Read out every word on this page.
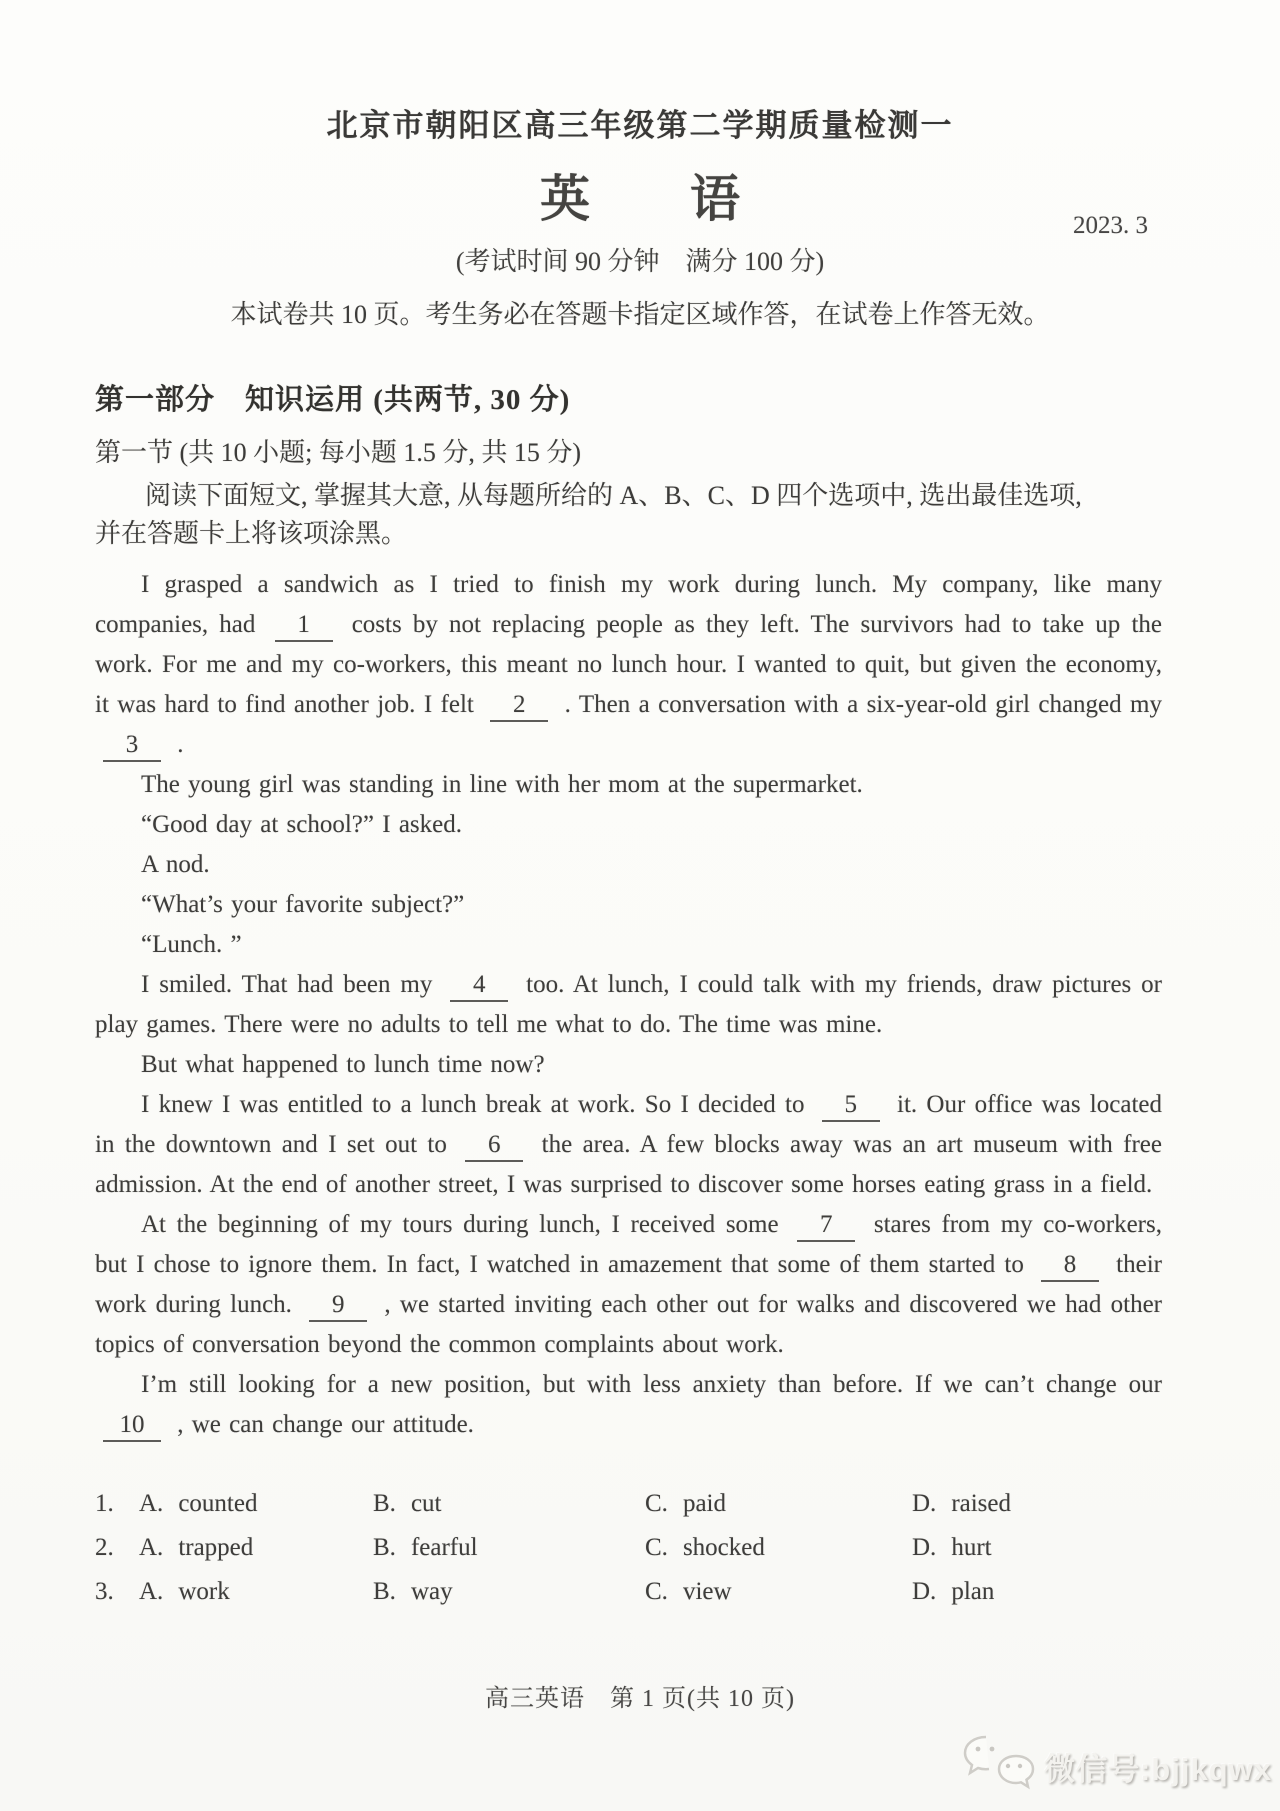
北京市朝阳区高三年级第二学期质量检测一
英　　语	2023. 3
(考试时间 90 分钟　满分 100 分)
本试卷共 10 页。考生务必在答题卡指定区域作答，在试卷上作答无效。
第一部分　知识运用 (共两节, 30 分)
第一节 (共 10 小题; 每小题 1.5 分, 共 15 分)

阅读下面短文, 掌握其大意, 从每题所给的 A、B、C、D 四个选项中, 选出最佳选项,

并在答题卡上将该项涂黑。

I grasped a sandwich as I tried to finish my work during lunch. My company, like many companies, had 1 costs by not replacing people as they left. The survivors had to take up the work. For me and my co-workers, this meant no lunch hour. I wanted to quit, but given the economy, it was hard to find another job. I felt 2 . Then a conversation with a six-year-old girl changed my 3 .

The young girl was standing in line with her mom at the supermarket.

“Good day at school?” I asked.

A nod.

“What’s your favorite subject?”

“Lunch. ”

I smiled. That had been my 4 too. At lunch, I could talk with my friends, draw pictures or play games. There were no adults to tell me what to do. The time was mine.

But what happened to lunch time now?

I knew I was entitled to a lunch break at work. So I decided to 5 it. Our office was located in the downtown and I set out to 6 the area. A few blocks away was an art museum with free admission. At the end of another street, I was surprised to discover some horses eating grass in a field.

At the beginning of my tours during lunch, I received some 7 stares from my co-workers, but I chose to ignore them. In fact, I watched in amazement that some of them started to 8 their work during lunch. 9 , we started inviting each other out for walks and discovered we had other topics of conversation beyond the common complaints about work.

I’m still looking for a new position, but with less anxiety than before. If we can’t change our 10 , we can change our attitude.

1. A. counted	B. cut	C. paid	D. raised
2. A. trapped	B. fearful	C. shocked	D. hurt
3. A. work	B. way	C. view	D. plan
高三英语　第 1 页(共 10 页)
微信号:bjjkqwx
